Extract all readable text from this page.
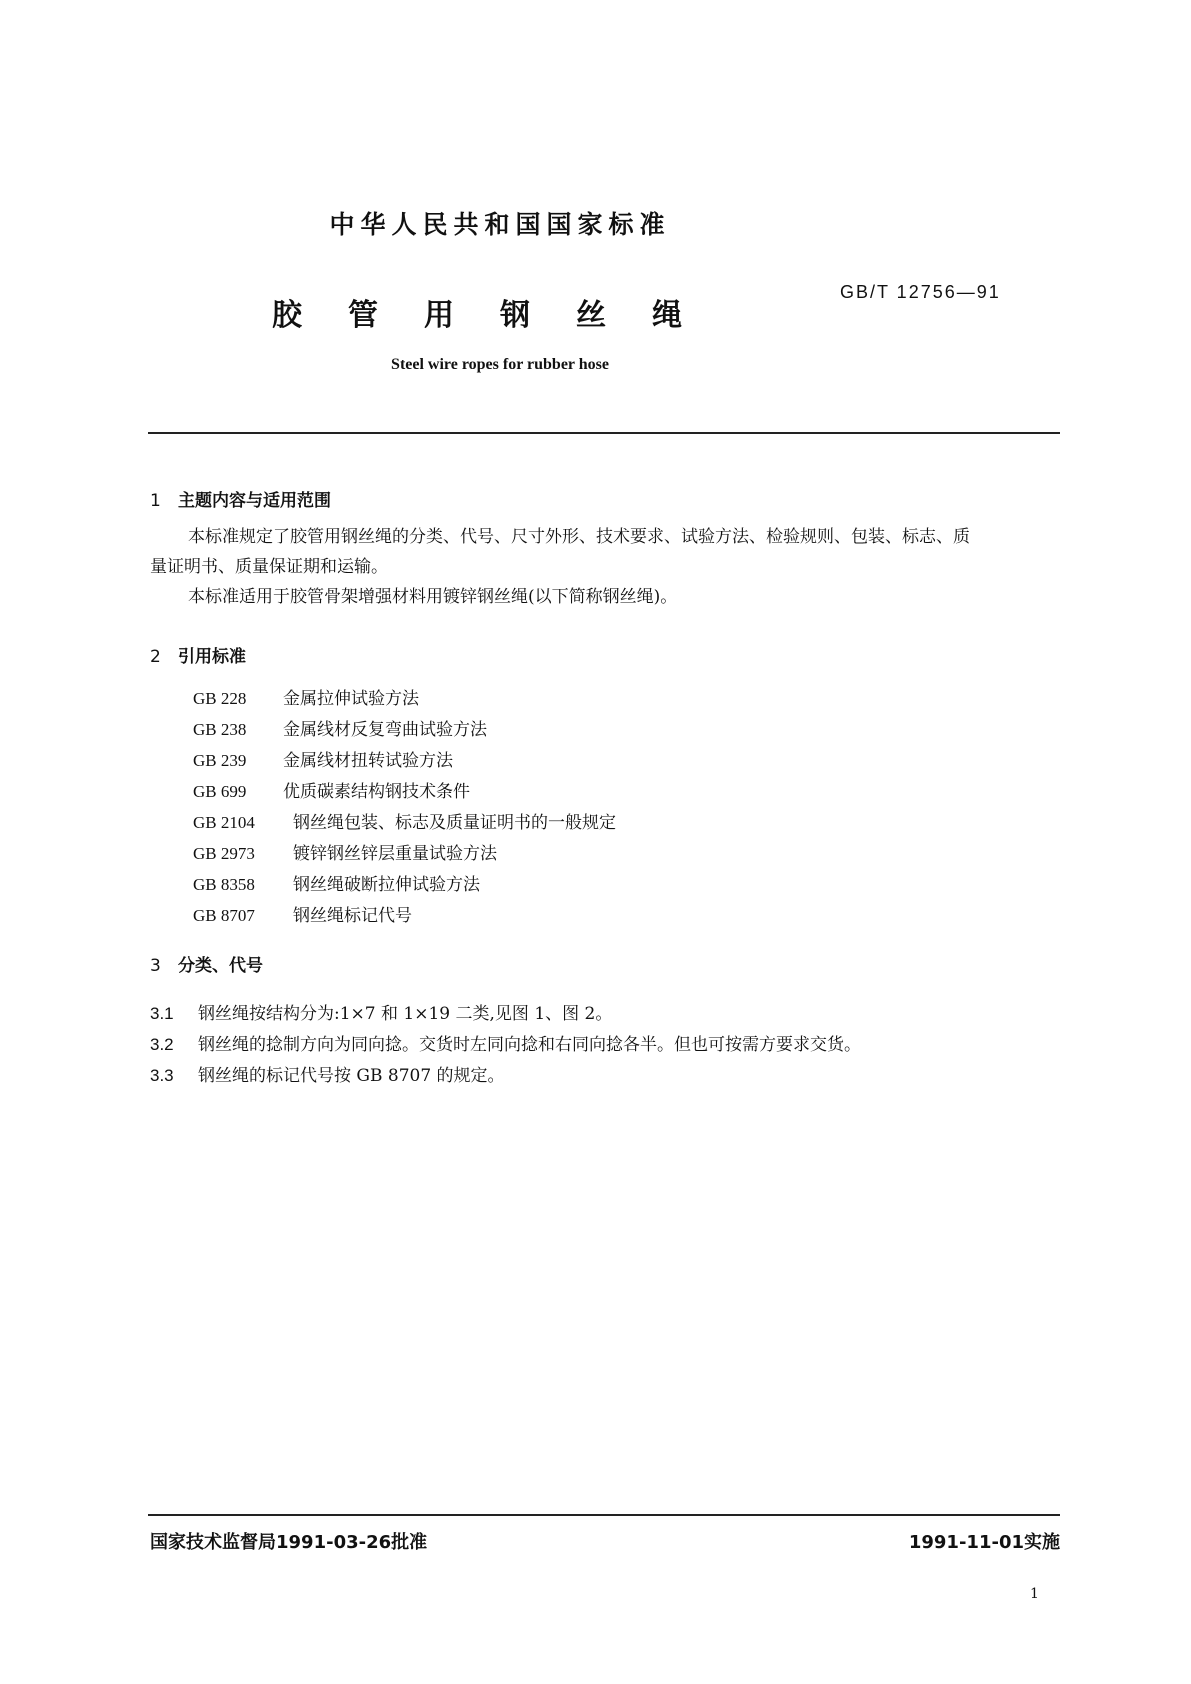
中华人民共和国国家标准
胶管用钢丝绳
GB/T 12756—91
Steel wire ropes for rubber hose
1 主题内容与适用范围
本标准规定了胶管用钢丝绳的分类、代号、尺寸外形、技术要求、试验方法、检验规则、包装、标志、质
量证明书、质量保证期和运输。
本标准适用于胶管骨架增强材料用镀锌钢丝绳(以下简称钢丝绳)。
2 引用标准
GB 228 金属拉伸试验方法
GB 238 金属线材反复弯曲试验方法
GB 239 金属线材扭转试验方法
GB 699 优质碳素结构钢技术条件
GB 2104 钢丝绳包装、标志及质量证明书的一般规定
GB 2973 镀锌钢丝锌层重量试验方法
GB 8358 钢丝绳破断拉伸试验方法
GB 8707 钢丝绳标记代号
3 分类、代号
3.1 钢丝绳按结构分为:1×7 和 1×19 二类,见图 1、图 2。
3.2 钢丝绳的捻制方向为同向捻。交货时左同向捻和右同向捻各半。但也可按需方要求交货。
3.3 钢丝绳的标记代号按 GB 8707 的规定。
国家技术监督局1991-03-26批准	1991-11-01实施
1
